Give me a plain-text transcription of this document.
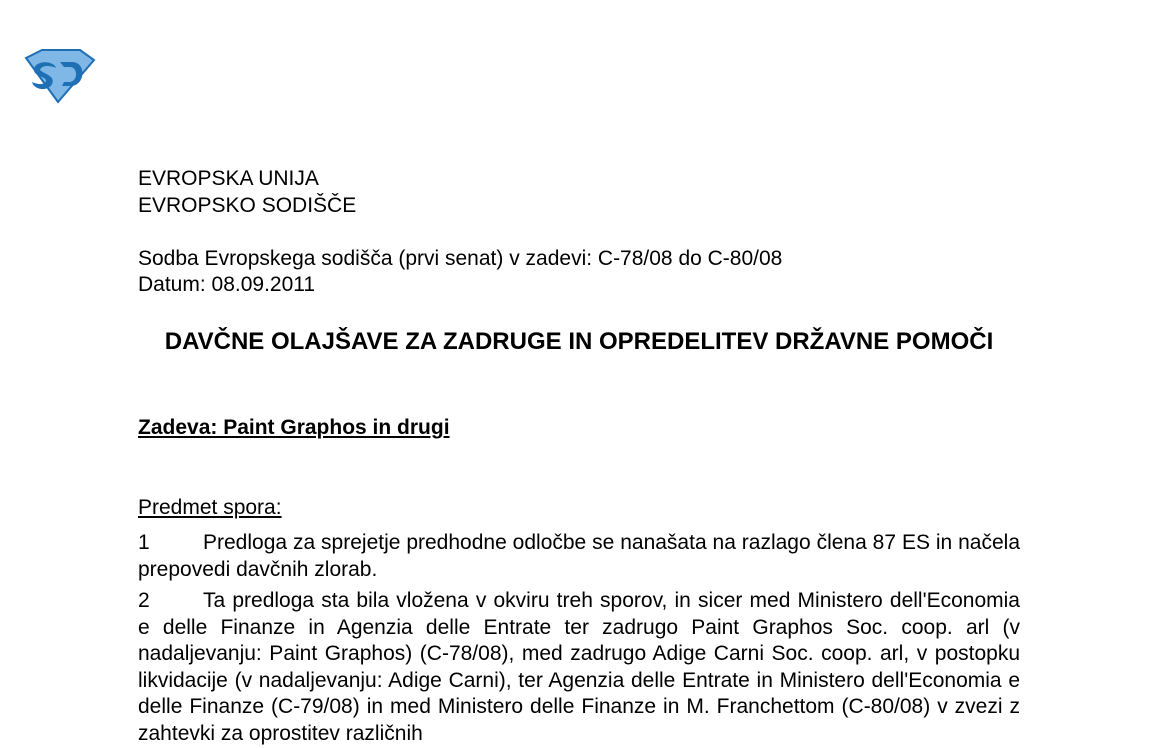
EVROPSKA UNIJA
EVROPSKO SODIŠČE
Sodba Evropskega sodišča (prvi senat) v zadevi: C-78/08 do C-80/08
Datum: 08.09.2011
DAVČNE OLAJŠAVE ZA ZADRUGE IN OPREDELITEV DRŽAVNE POMOČI
Zadeva: Paint Graphos in drugi
Predmet spora:
1	Predloga za sprejetje predhodne odločbe se nanašata na razlago člena 87 ES in načela prepovedi davčnih zlorab.
2	Ta predloga sta bila vložena v okviru treh sporov, in sicer med Ministero dell'Economia e delle Finanze in Agenzia delle Entrate ter zadrugo Paint Graphos Soc. coop. arl (v nadaljevanju: Paint Graphos) (C-78/08), med zadrugo Adige Carni Soc. coop. arl, v postopku likvidacije (v nadaljevanju: Adige Carni), ter Agenzia delle Entrate in Ministero dell'Economia e delle Finanze (C-79/08) in med Ministero delle Finanze in M. Franchettom (C-80/08) v zvezi z zahtevki za oprostitev različnih
